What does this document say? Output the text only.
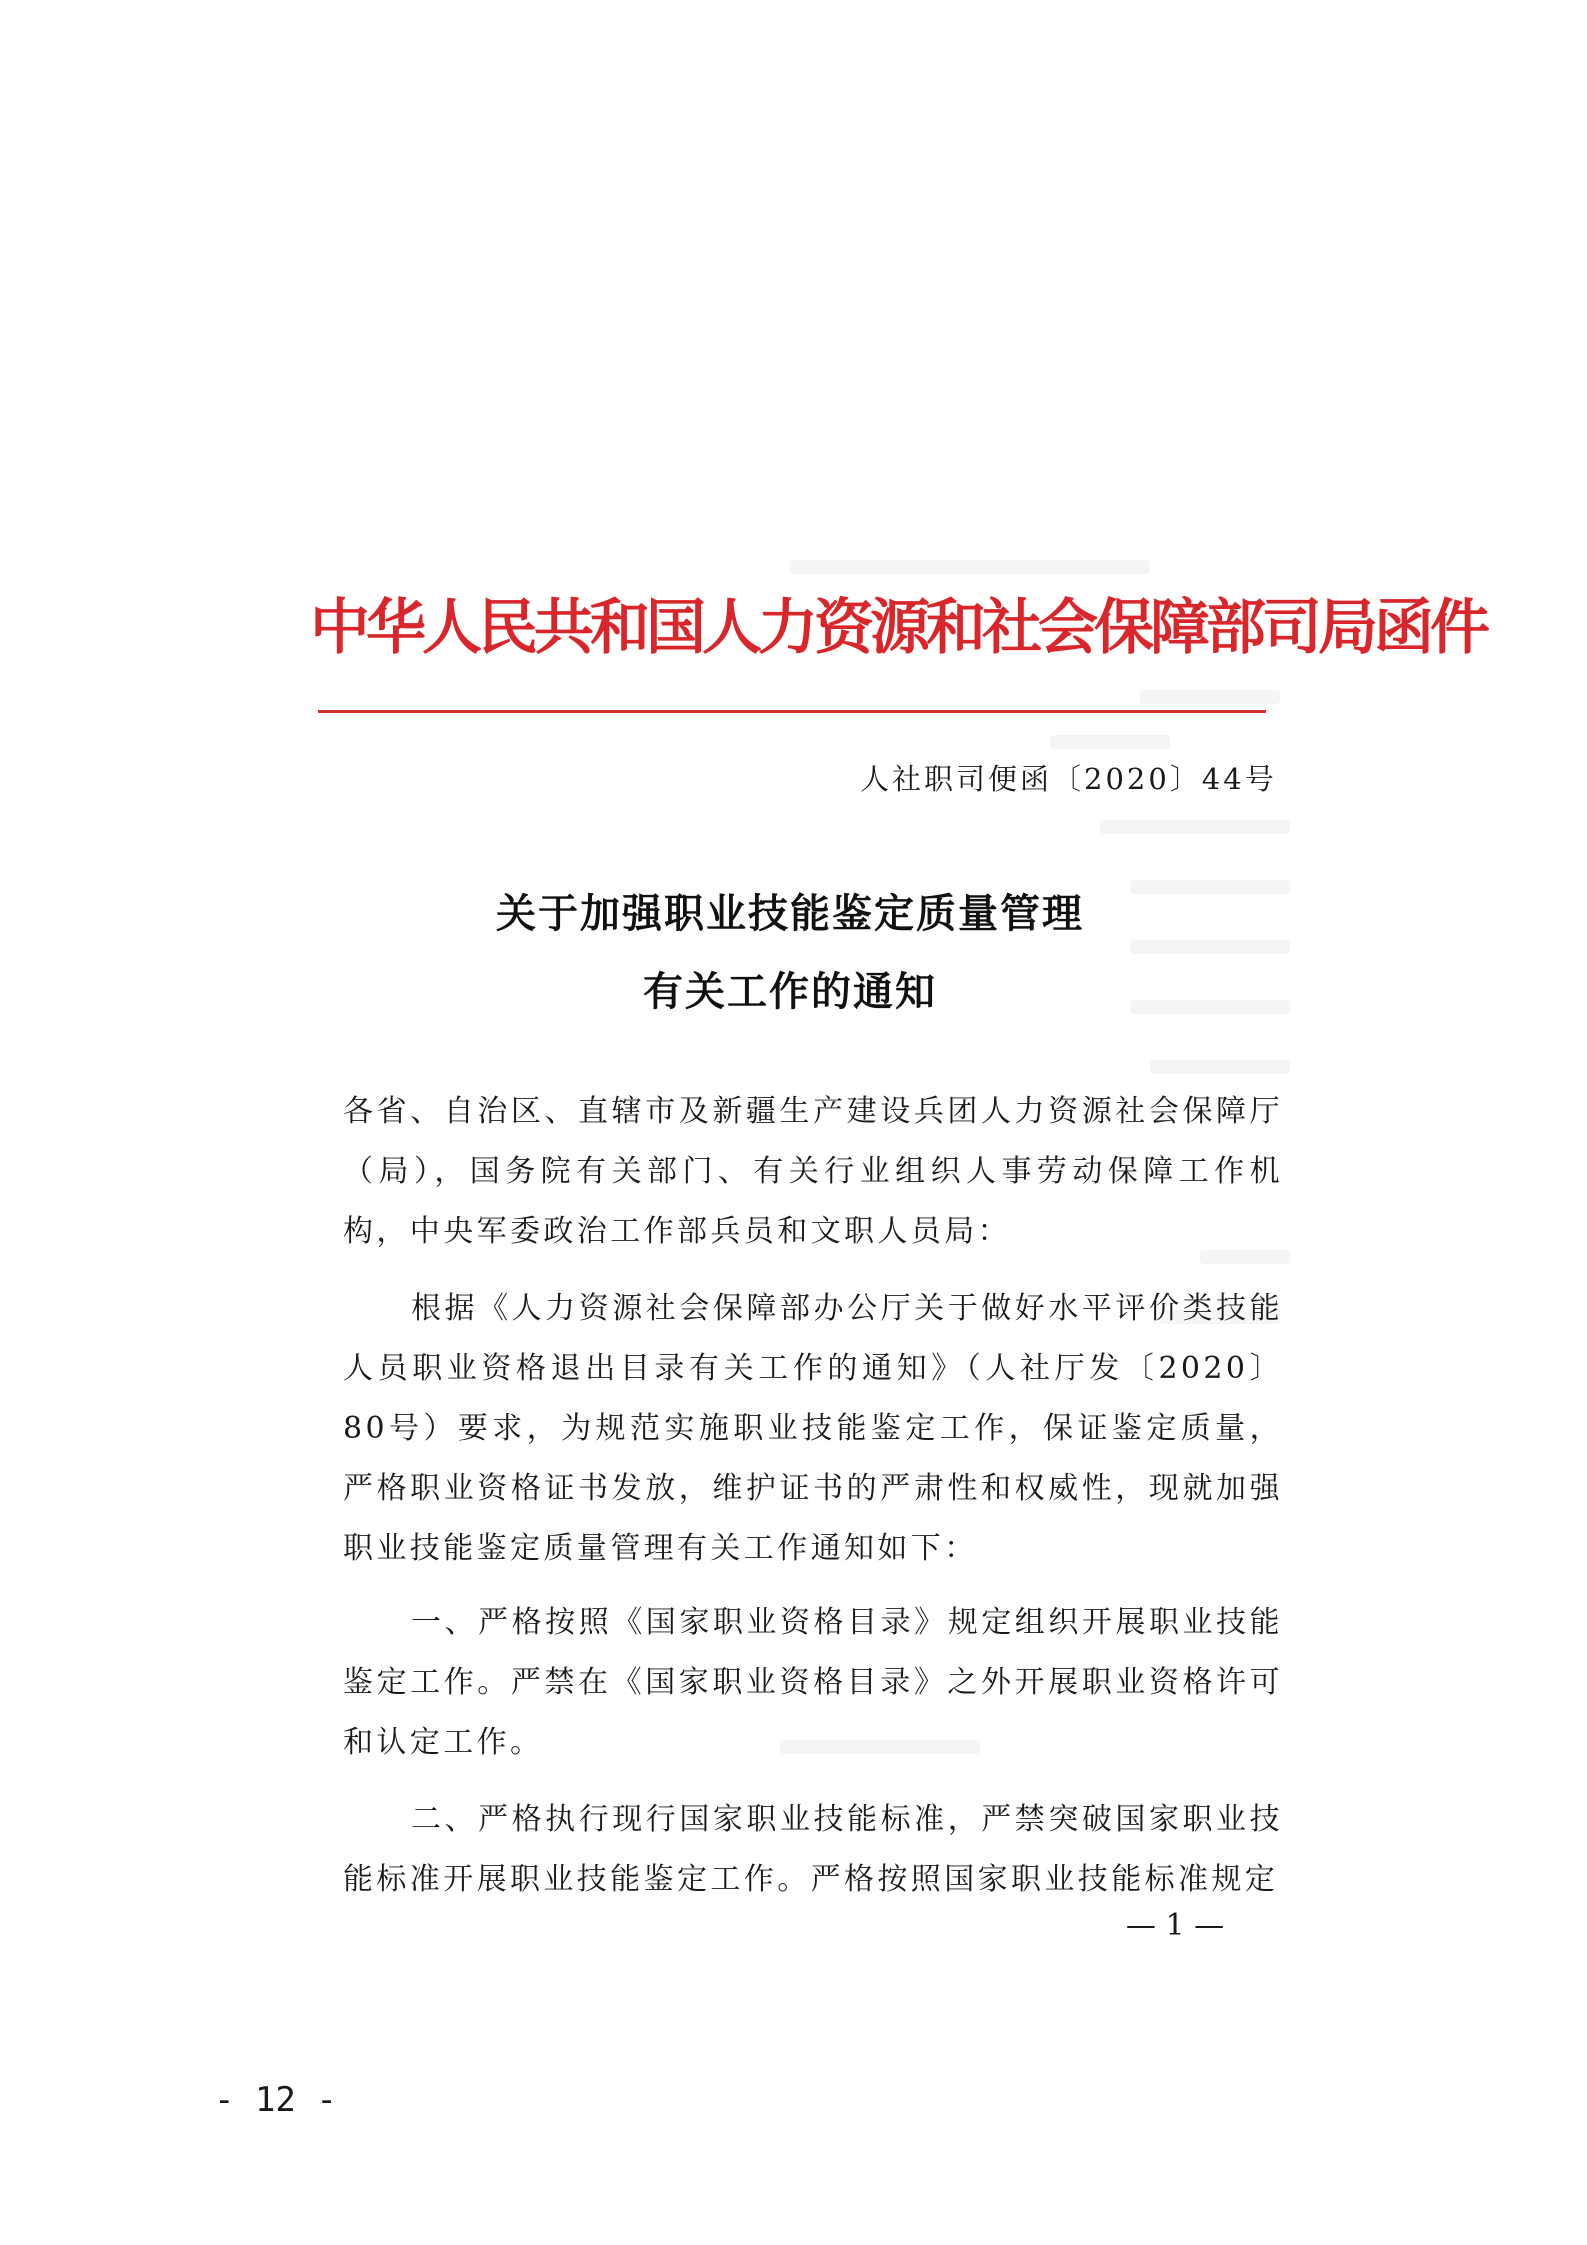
中华人民共和国人力资源和社会保障部司局函件
人社职司便函〔2020〕44号
关于加强职业技能鉴定质量管理
有关工作的通知

各省、自治区、直辖市及新疆生产建设兵团人力资源社会保障厅（局），国务院有关部门、有关行业组织人事劳动保障工作机构，中央军委政治工作部兵员和文职人员局：

根据《人力资源社会保障部办公厅关于做好水平评价类技能人员职业资格退出目录有关工作的通知》（人社厅发〔2020〕80号）要求，为规范实施职业技能鉴定工作，保证鉴定质量，严格职业资格证书发放，维护证书的严肃性和权威性，现就加强职业技能鉴定质量管理有关工作通知如下：

一、严格按照《国家职业资格目录》规定组织开展职业技能鉴定工作。严禁在《国家职业资格目录》之外开展职业资格许可和认定工作。

二、严格执行现行国家职业技能标准，严禁突破国家职业技能标准开展职业技能鉴定工作。严格按照国家职业技能标准规定

— 1 —
- 12 -
